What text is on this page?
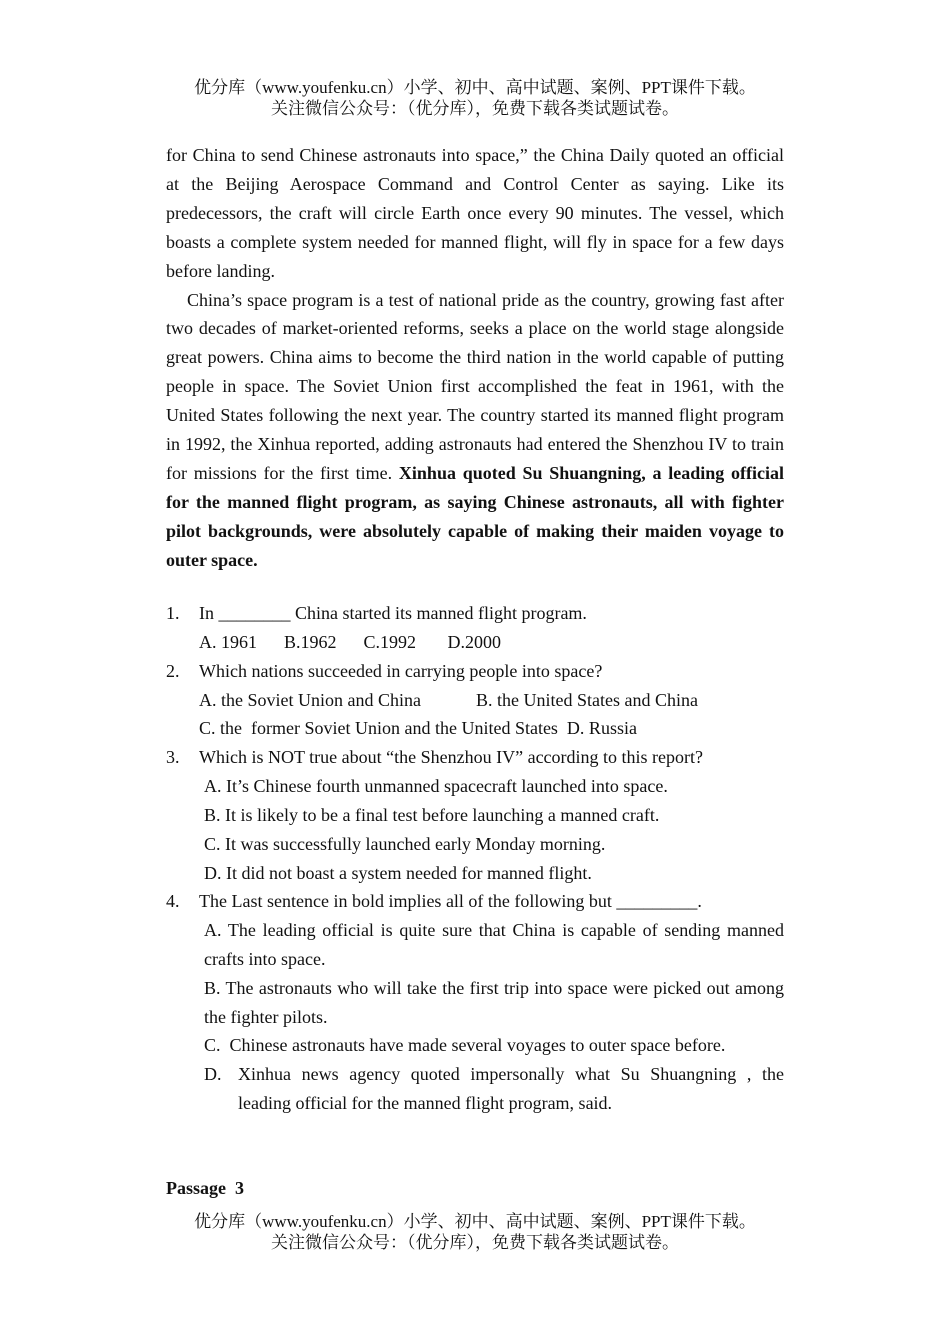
优分库（www.youfenku.cn）小学、初中、高中试题、案例、PPT课件下载。
关注微信公众号：（优分库），免费下载各类试题试卷。

for China to send Chinese astronauts into space,” the China Daily quoted an official at the Beijing Aerospace Command and Control Center as saying. Like its predecessors, the craft will circle Earth once every 90 minutes. The vessel, which boasts a complete system needed for manned flight, will fly in space for a few days before landing.

China’s space program is a test of national pride as the country, growing fast after two decades of market-oriented reforms, seeks a place on the world stage alongside great powers. China aims to become the third nation in the world capable of putting people in space. The Soviet Union first accomplished the feat in 1961, with the United States following the next year. The country started its manned flight program in 1992, the Xinhua reported, adding astronauts had entered the Shenzhou IV to train for missions for the first time. Xinhua quoted Su Shuangning, a leading official for the manned flight program, as saying Chinese astronauts, all with fighter pilot backgrounds, were absolutely capable of making their maiden voyage to outer space.

1. In ________ China started its manned flight program.
A. 1961      B.1962      C.1992       D.2000
2. Which nations succeeded in carrying people into space?
A. the Soviet Union and China	B. the United States and China
C. the  former Soviet Union and the United States  D. Russia
3. Which is NOT true about “the Shenzhou IV” according to this report?
A. It’s Chinese fourth unmanned spacecraft launched into space.
B. It is likely to be a final test before launching a manned craft.
C. It was successfully launched early Monday morning.
D. It did not boast a system needed for manned flight.
4. The Last sentence in bold implies all of the following but _________.
A. The leading official is quite sure that China is capable of sending manned crafts into space.
B. The astronauts who will take the first trip into space were picked out among the fighter pilots.
C.  Chinese astronauts have made several voyages to outer space before.
D. Xinhua news agency quoted impersonally what Su Shuangning , the leading official for the manned flight program, said.
Passage  3
优分库（www.youfenku.cn）小学、初中、高中试题、案例、PPT课件下载。
关注微信公众号：（优分库），免费下载各类试题试卷。
